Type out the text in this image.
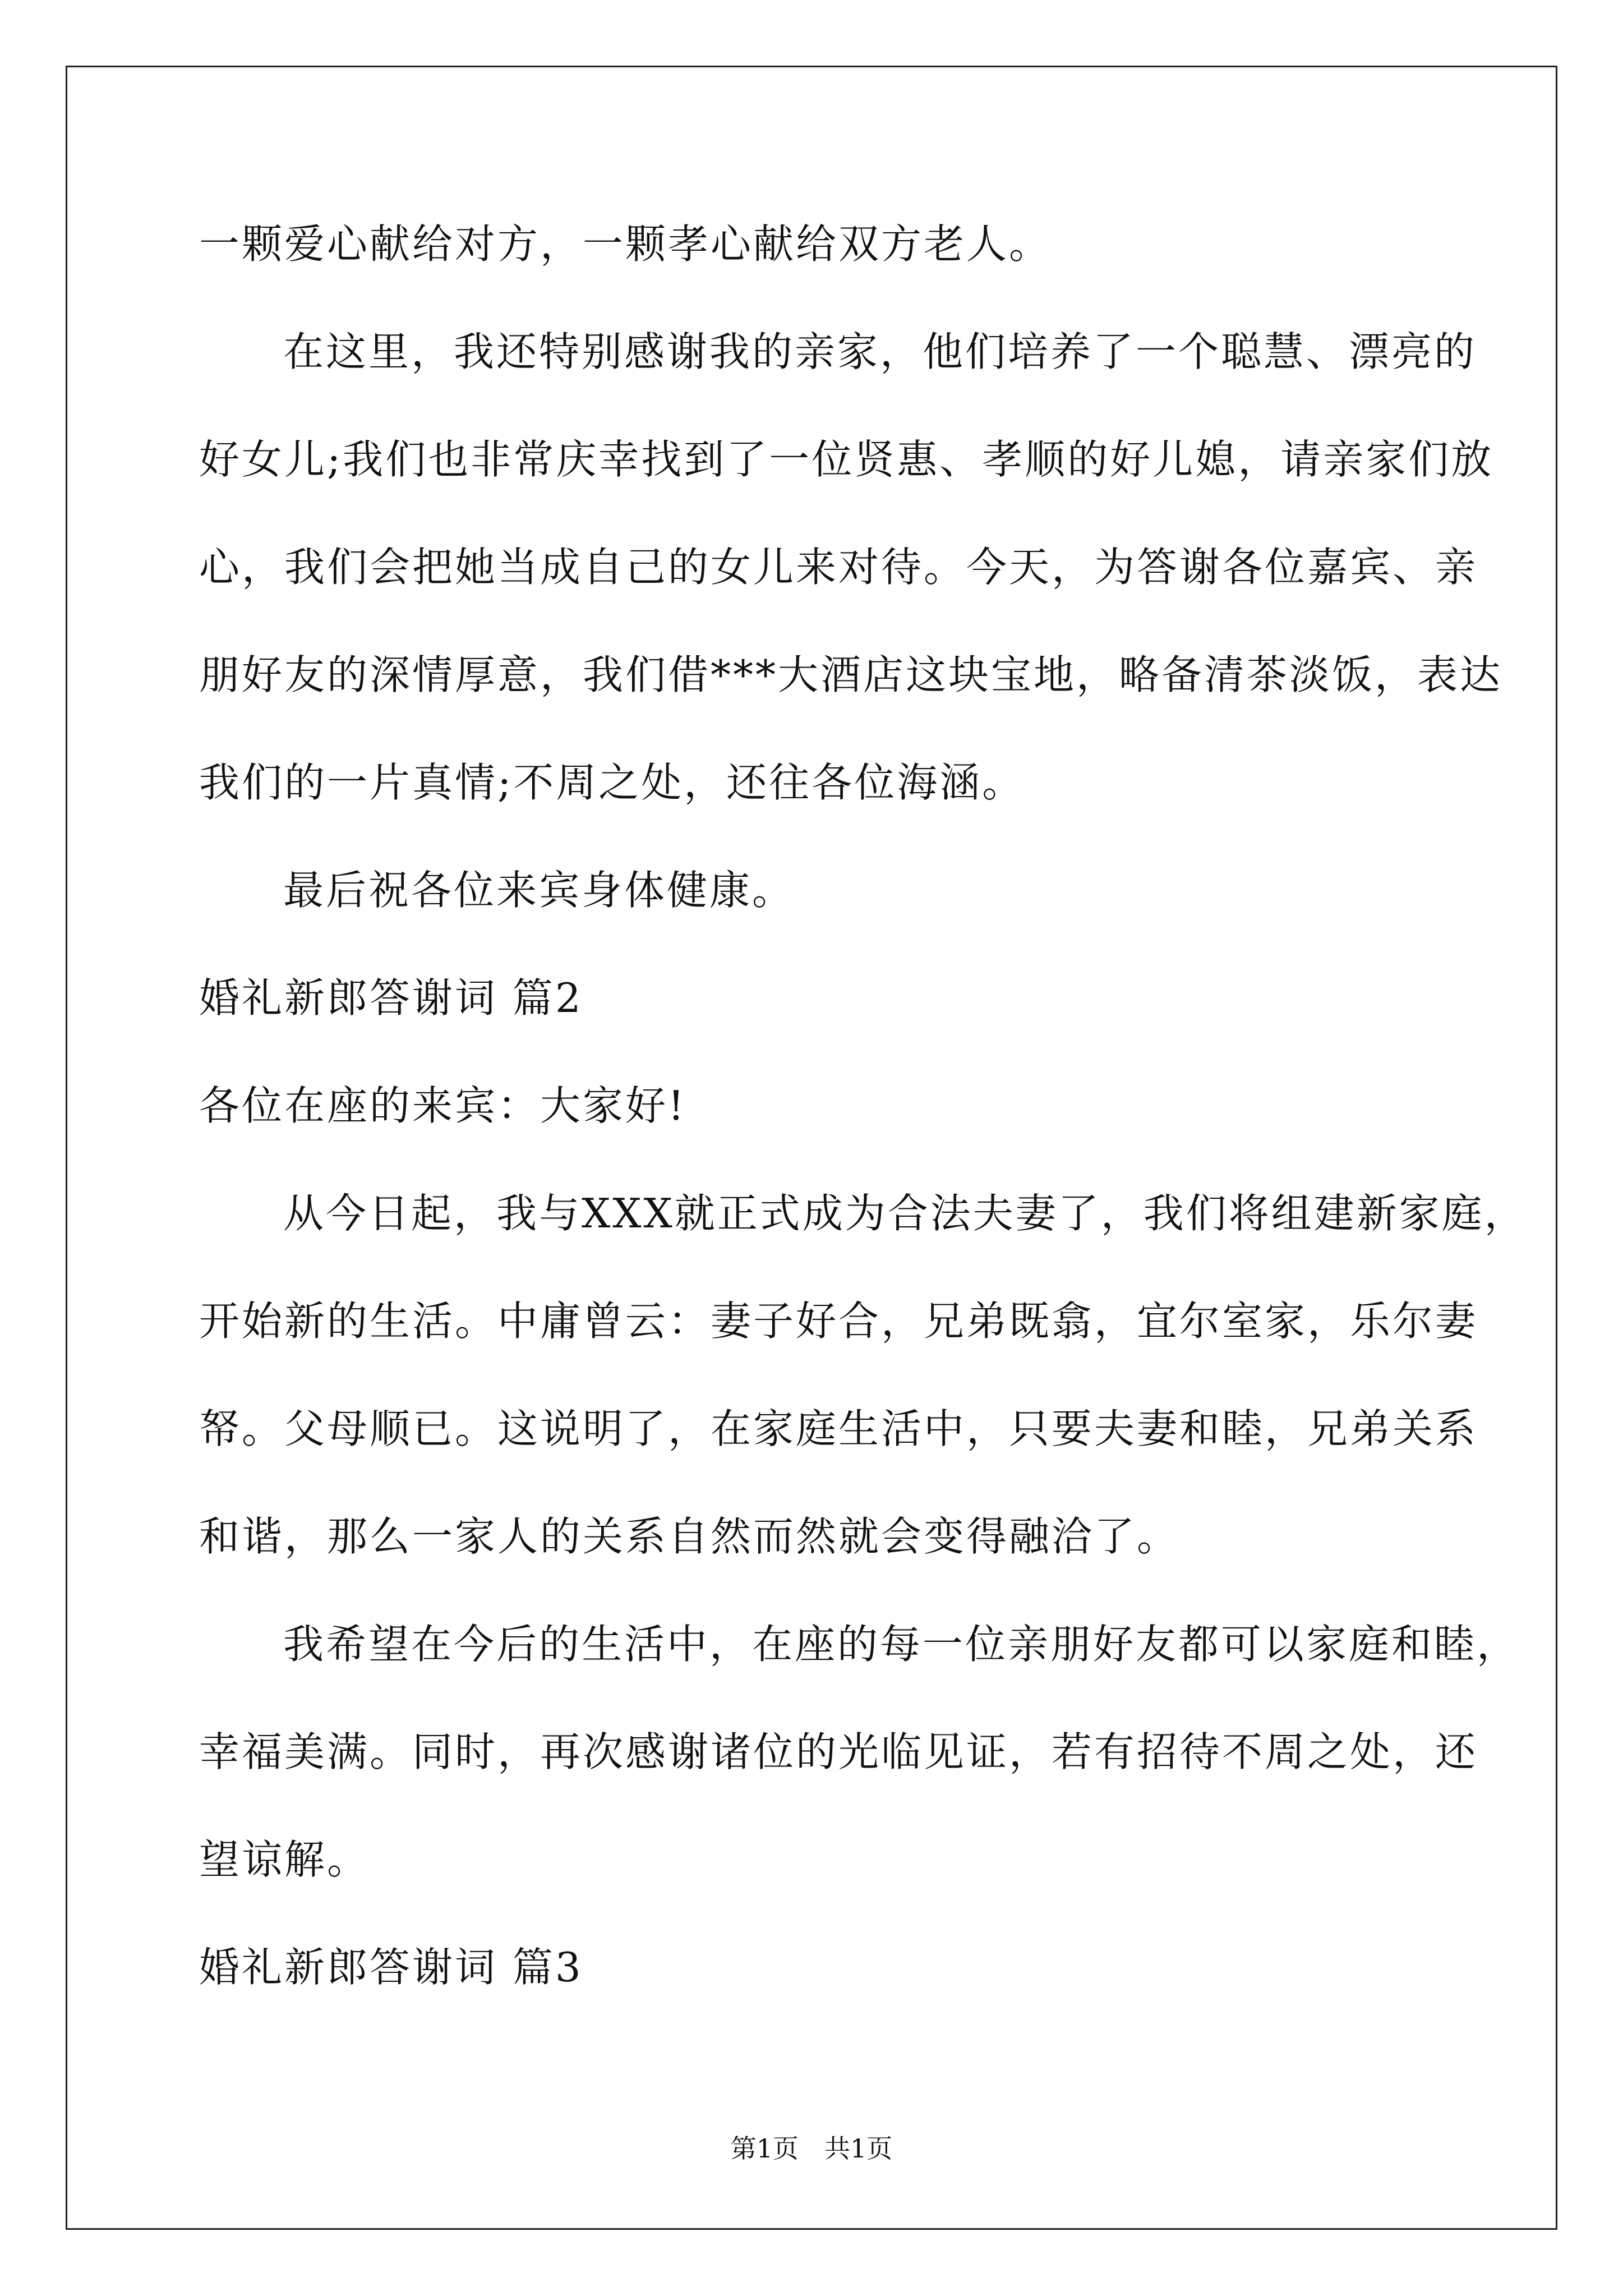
一颗爱心献给对方，一颗孝心献给双方老人。
在这里，我还特别感谢我的亲家，他们培养了一个聪慧、漂亮的
好女儿;我们也非常庆幸找到了一位贤惠、孝顺的好儿媳，请亲家们放
心，我们会把她当成自己的女儿来对待。今天，为答谢各位嘉宾、亲
朋好友的深情厚意，我们借***大酒店这块宝地，略备清茶淡饭，表达
我们的一片真情;不周之处，还往各位海涵。
最后祝各位来宾身体健康。
婚礼新郎答谢词 篇2
各位在座的来宾：大家好!
从今日起，我与XXX就正式成为合法夫妻了，我们将组建新家庭，
开始新的生活。中庸曾云：妻子好合，兄弟既翕，宜尔室家，乐尔妻
帑。父母顺已。这说明了，在家庭生活中，只要夫妻和睦，兄弟关系
和谐，那么一家人的关系自然而然就会变得融洽了。
我希望在今后的生活中，在座的每一位亲朋好友都可以家庭和睦，
幸福美满。同时，再次感谢诸位的光临见证，若有招待不周之处，还
望谅解。
婚礼新郎答谢词 篇3
第1页　共1页
